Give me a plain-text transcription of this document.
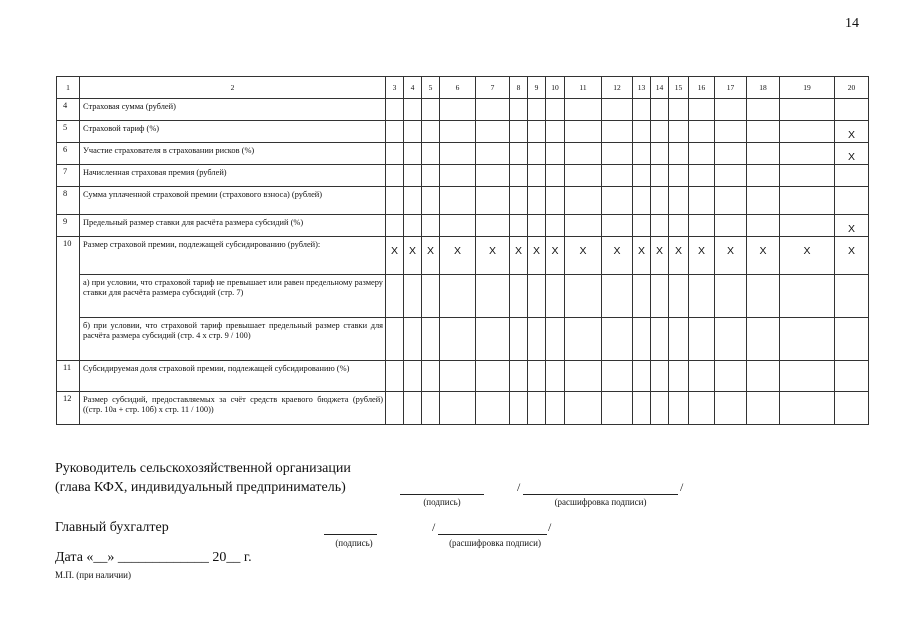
14
1	2	3	4	5	6	7	8	9	10	11	12	13	14	15	16	17	18	19	20
4	Страховая сумма (рублей)																		
5	Страховой тариф (%)																		X
6	Участие страхователя в страховании рисков (%)																		X
7	Начисленная страховая премия (рублей)																		
8	Сумма уплаченной страховой премии (страхового взноса) (рублей)																		
9	Предельный размер ставки для расчёта размера субсидий (%)																		X
10	Размер страховой премии, подлежащей субсидированию (рублей):	X	X	X	X	X	X	X	X	X	X	X	X	X	X	X	X	X	X
	а) при условии, что страховой тариф не превышает или равен предельному размеру ставки для расчёта размера субсидий (стр. 7)																		
	б) при условии, что страховой тариф превышает предельный размер ставки для расчёта размера субсидий (стр. 4 x стр. 9 / 100)																		
11	Субсидируемая доля страховой премии, подлежащей субсидированию (%)																		
12	Размер субсидий, предоставляемых за счёт средств краевого бюджета (рублей) ((стр. 10а + стр. 10б) x стр. 11 / 100))																		
Руководитель сельскохозяйственной организации
(глава КФХ, индивидуальный предприниматель)	/	/
(подпись)	(расшифровка подписи)
Главный бухгалтер	/	/
(подпись)	(расшифровка подписи)
Дата «__» _____________ 20__ г.
М.П. (при наличии)
